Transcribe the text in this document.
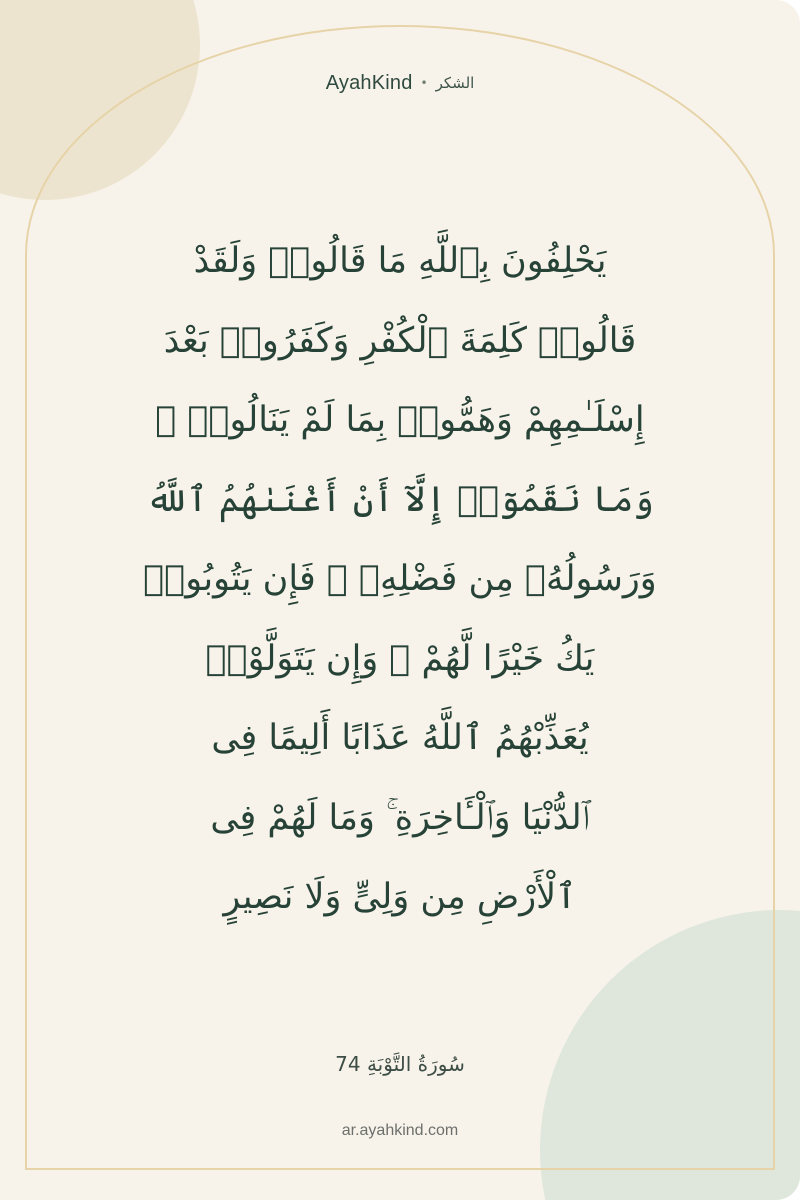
AyahKind • الشكر
يَحْلِفُونَ بِٱللَّهِ مَا قَالُوا۟ وَلَقَدْ
قَالُوا۟ كَلِمَةَ ٱلْكُفْرِ وَكَفَرُوا۟ بَعْدَ
إِسْلَـٰمِهِمْ وَهَمُّوا۟ بِمَا لَمْ يَنَالُوا۟ ۚ
وَمَا نَقَمُوٓا۟ إِلَّآ أَنْ أَغْنَىٰهُمُ ٱللَّهُ
وَرَسُولُهُۥ مِن فَضْلِهِۦ ۚ فَإِن يَتُوبُوا۟
يَكُ خَيْرًا لَّهُمْ ۖ وَإِن يَتَوَلَّوْا۟
يُعَذِّبْهُمُ ٱللَّهُ عَذَابًا أَلِيمًا فِى
ٱلدُّنْيَا وَٱلْـَٔاخِرَةِ ۚ وَمَا لَهُمْ فِى
ٱلْأَرْضِ مِن وَلِىٍّ وَلَا نَصِيرٍ
سُورَةُ التَّوْبَةِ 74
ar.ayahkind.com
